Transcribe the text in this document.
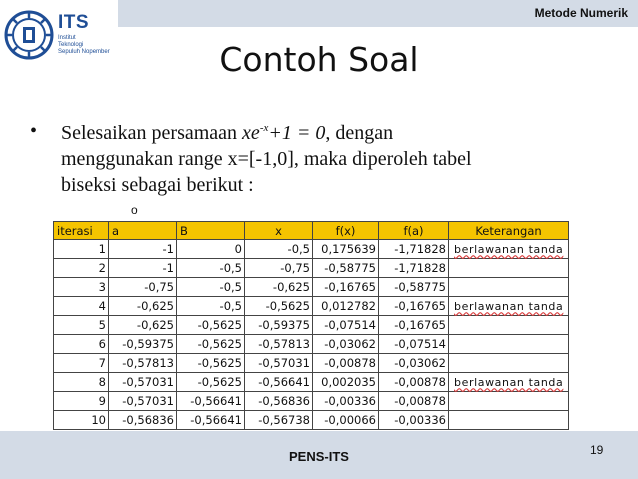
Metode Numerik
ITS
Institut
Teknologi
Sepuluh Nopember	Contoh Soal
• Selesaikan persamaan $xe^{-x}+1 = 0$, dengan
menggunakan range x=[-1,0], maka diperoleh tabel
biseksi sebagai berikut :
o
iterasi	a	B	x	f(x)	f(a)	Keterangan
1	-1	0	-0,5	0,175639	-1,71828	berlawanan tanda
2	-1	-0,5	-0,75	-0,58775	-1,71828	
3	-0,75	-0,5	-0,625	-0,16765	-0,58775	
4	-0,625	-0,5	-0,5625	0,012782	-0,16765	berlawanan tanda
5	-0,625	-0,5625	-0,59375	-0,07514	-0,16765	
6	-0,59375	-0,5625	-0,57813	-0,03062	-0,07514	
7	-0,57813	-0,5625	-0,57031	-0,00878	-0,03062	
8	-0,57031	-0,5625	-0,56641	0,002035	-0,00878	berlawanan tanda
9	-0,57031	-0,56641	-0,56836	-0,00336	-0,00878	
10	-0,56836	-0,56641	-0,56738	-0,00066	-0,00336	
PENS-ITS	19
